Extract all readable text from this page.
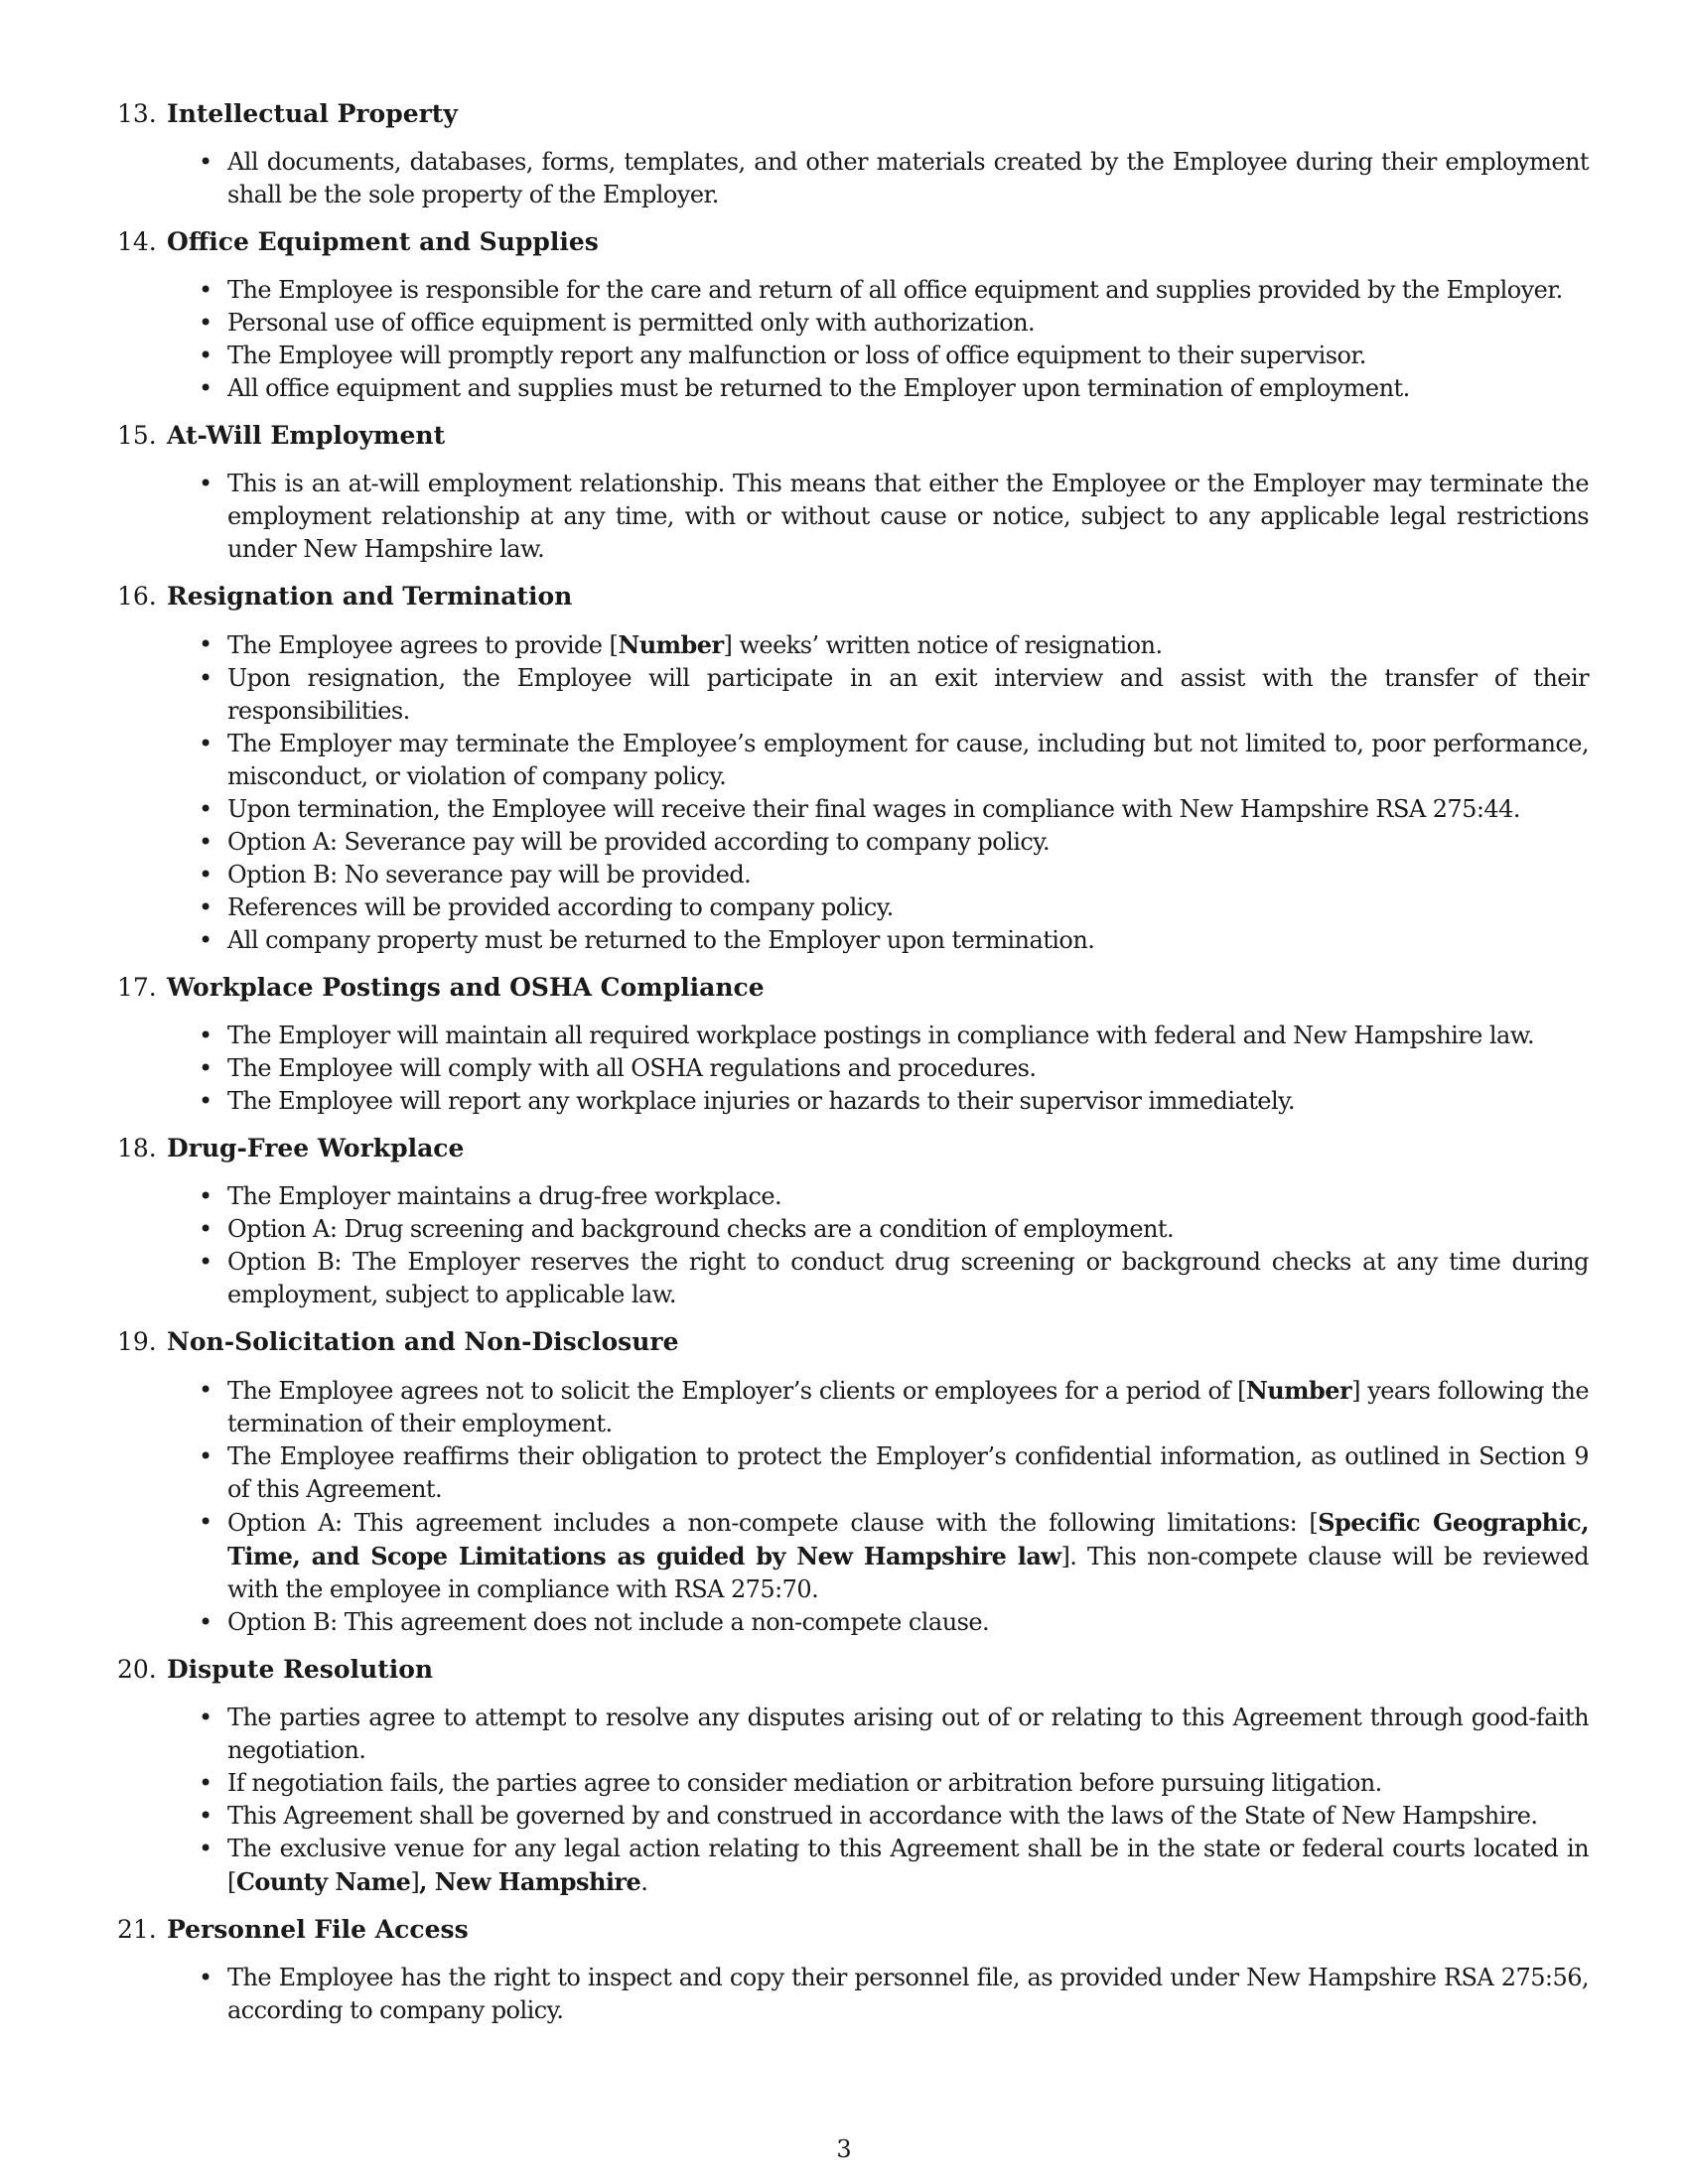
13. Intellectual Property
• All documents, databases, forms, templates, and other materials created by the Employee during their employment shall be the sole property of the Employer.
14. Office Equipment and Supplies
• The Employee is responsible for the care and return of all office equipment and supplies provided by the Employer.
• Personal use of office equipment is permitted only with authorization.
• The Employee will promptly report any malfunction or loss of office equipment to their supervisor.
• All office equipment and supplies must be returned to the Employer upon termination of employment.
15. At-Will Employment
• This is an at-will employment relationship. This means that either the Employee or the Employer may terminate the employment relationship at any time, with or without cause or notice, subject to any applicable legal restrictions under New Hampshire law.
16. Resignation and Termination
• The Employee agrees to provide [Number] weeks’ written notice of resignation.
• Upon resignation, the Employee will participate in an exit interview and assist with the transfer of their responsibilities.
• The Employer may terminate the Employee’s employment for cause, including but not limited to, poor performance, misconduct, or violation of company policy.
• Upon termination, the Employee will receive their final wages in compliance with New Hampshire RSA 275:44.
• Option A: Severance pay will be provided according to company policy.
• Option B: No severance pay will be provided.
• References will be provided according to company policy.
• All company property must be returned to the Employer upon termination.
17. Workplace Postings and OSHA Compliance
• The Employer will maintain all required workplace postings in compliance with federal and New Hampshire law.
• The Employee will comply with all OSHA regulations and procedures.
• The Employee will report any workplace injuries or hazards to their supervisor immediately.
18. Drug-Free Workplace
• The Employer maintains a drug-free workplace.
• Option A: Drug screening and background checks are a condition of employment.
• Option B: The Employer reserves the right to conduct drug screening or background checks at any time during employment, subject to applicable law.
19. Non-Solicitation and Non-Disclosure
• The Employee agrees not to solicit the Employer’s clients or employees for a period of [Number] years following the termination of their employment.
• The Employee reaffirms their obligation to protect the Employer’s confidential information, as outlined in Section 9 of this Agreement.
• Option A: This agreement includes a non-compete clause with the following limitations: [Specific Geographic, Time, and Scope Limitations as guided by New Hampshire law]. This non-compete clause will be reviewed with the employee in compliance with RSA 275:70.
• Option B: This agreement does not include a non-compete clause.
20. Dispute Resolution
• The parties agree to attempt to resolve any disputes arising out of or relating to this Agreement through good-faith negotiation.
• If negotiation fails, the parties agree to consider mediation or arbitration before pursuing litigation.
• This Agreement shall be governed by and construed in accordance with the laws of the State of New Hampshire.
• The exclusive venue for any legal action relating to this Agreement shall be in the state or federal courts located in [County Name], New Hampshire.
21. Personnel File Access
• The Employee has the right to inspect and copy their personnel file, as provided under New Hampshire RSA 275:56, according to company policy.
3
